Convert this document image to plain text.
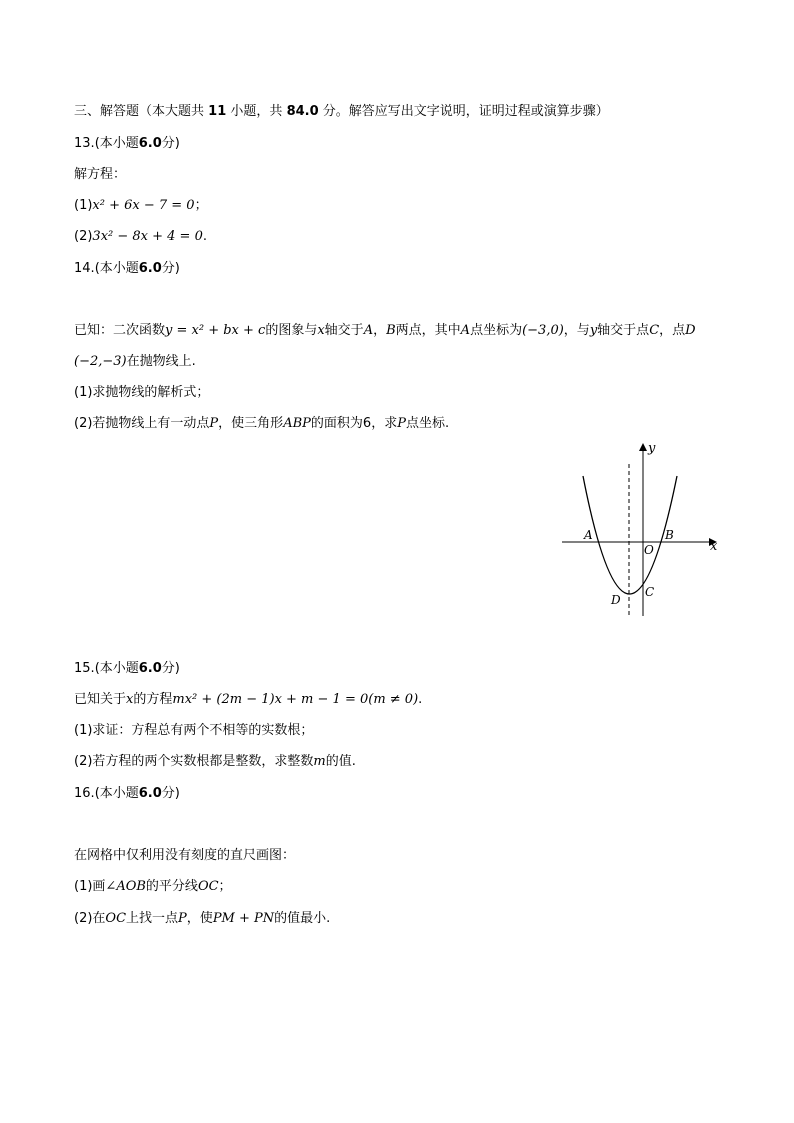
三、解答题（本大题共 11 小题，共 84.0 分。解答应写出文字说明，证明过程或演算步骤）
13.(本小题6.0分)
解方程：
(1)x² + 6x − 7 = 0；
(2)3x² − 8x + 4 = 0.
14.(本小题6.0分)
已知：二次函数y = x² + bx + c的图象与x轴交于A，B两点，其中A点坐标为(−3,0)，与y轴交于点C，点D
(−2,−3)在抛物线上.
(1)求抛物线的解析式；
(2)若抛物线上有一动点P，使三角形ABP的面积为6，求P点坐标.
y
x
A
O
B
D
C
15.(本小题6.0分)
已知关于x的方程mx² + (2m − 1)x + m − 1 = 0(m ≠ 0).
(1)求证：方程总有两个不相等的实数根；
(2)若方程的两个实数根都是整数，求整数m的值.
16.(本小题6.0分)
在网格中仅利用没有刻度的直尺画图：
(1)画∠AOB的平分线OC；
(2)在OC上找一点P，使PM + PN的值最小.
